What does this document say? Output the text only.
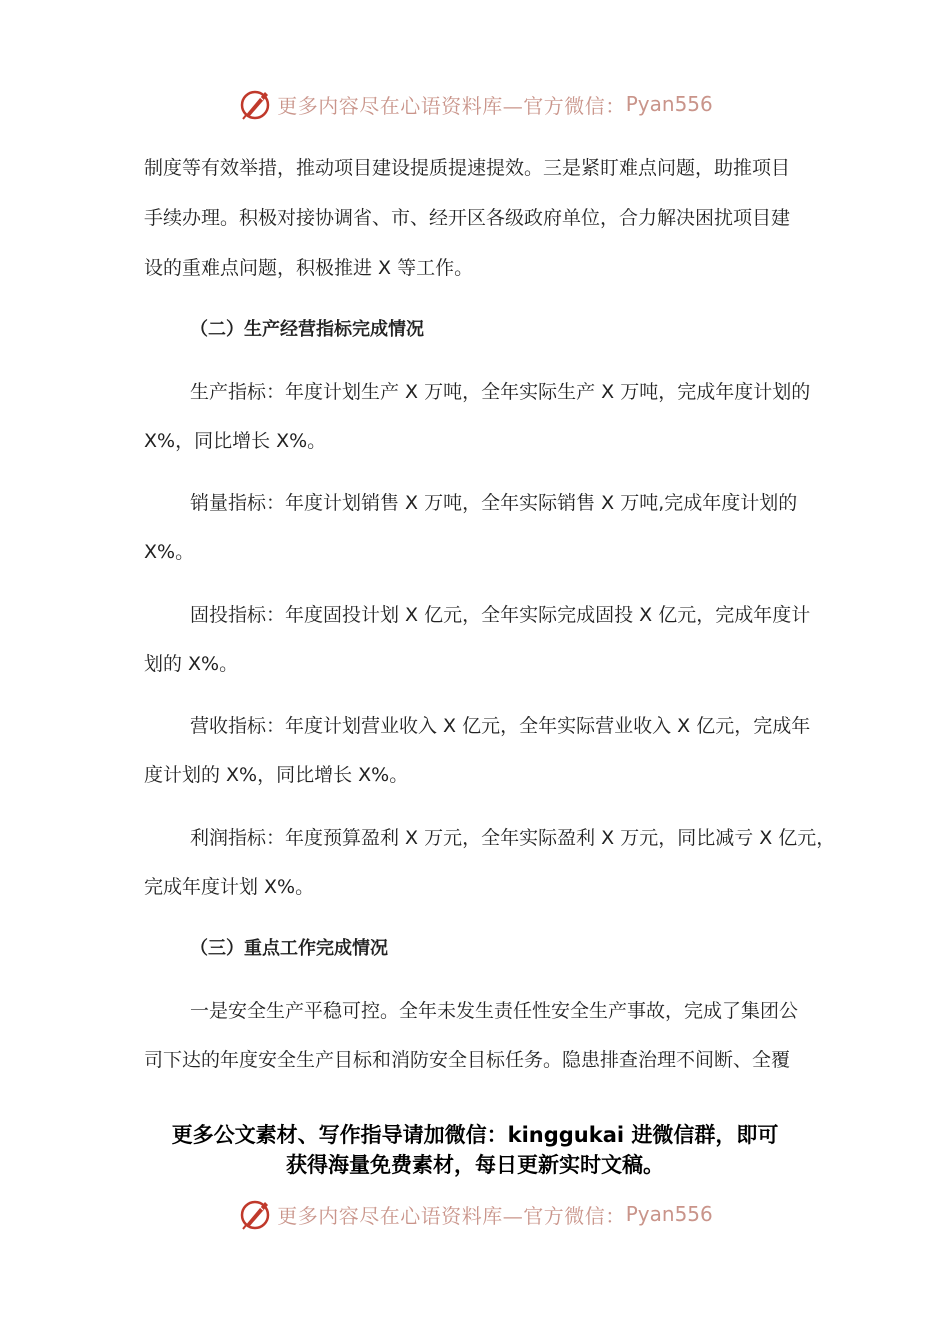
更多内容尽在心语资料库—官方微信： Pyan556
制度等有效举措，推动项目建设提质提速提效。三是紧盯难点问题，助推项目
手续办理。积极对接协调省、市、经开区各级政府单位，合力解决困扰项目建
设的重难点问题，积极推进 X 等工作。
（二）生产经营指标完成情况
生产指标：年度计划生产 X 万吨，全年实际生产 X 万吨，完成年度计划的
X%，同比增长 X%。
销量指标：年度计划销售 X 万吨，全年实际销售 X 万吨,完成年度计划的
X%。
固投指标：年度固投计划 X 亿元，全年实际完成固投 X 亿元，完成年度计
划的 X%。
营收指标：年度计划营业收入 X 亿元，全年实际营业收入 X 亿元，完成年
度计划的 X%，同比增长 X%。
利润指标：年度预算盈利 X 万元，全年实际盈利 X 万元，同比减亏 X 亿元，
完成年度计划 X%。
（三）重点工作完成情况
一是安全生产平稳可控。全年未发生责任性安全生产事故，完成了集团公
司下达的年度安全生产目标和消防安全目标任务。隐患排查治理不间断、全覆
更多公文素材、写作指导请加微信：kinggukai 进微信群，即可
获得海量免费素材，每日更新实时文稿。
更多内容尽在心语资料库—官方微信： Pyan556
